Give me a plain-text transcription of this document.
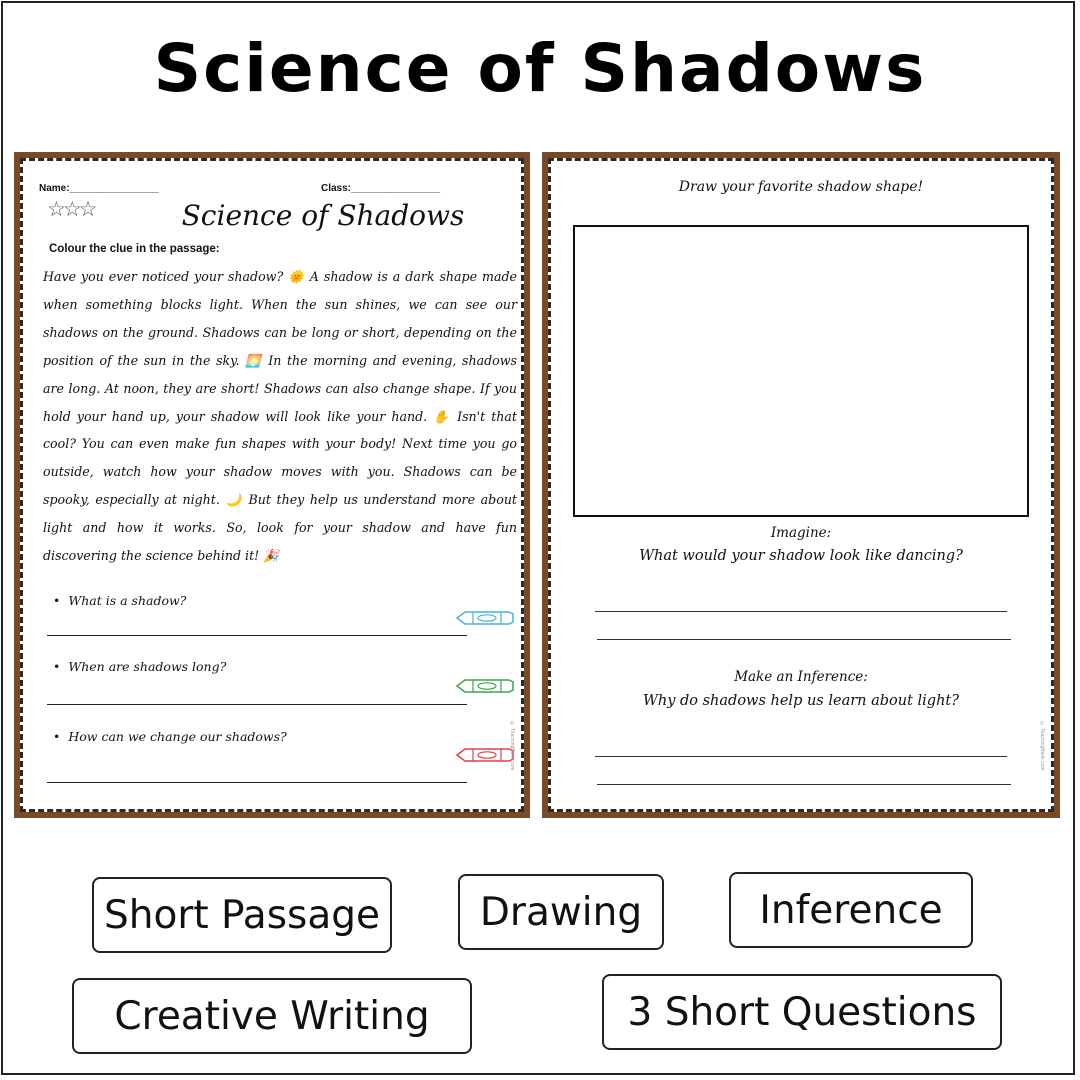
Science of Shadows
Name:________________	Class:________________
☆☆☆	Science of Shadows
Colour the clue in the passage:
Have you ever noticed your shadow? 🌞 A shadow is a dark shape made when something blocks light. When the sun shines, we can see our shadows on the ground. Shadows can be long or short, depending on the position of the sun in the sky. 🌅 In the morning and evening, shadows are long. At noon, they are short! Shadows can also change shape. If you hold your hand up, your shadow will look like your hand. ✋ Isn't that cool? You can even make fun shapes with your body! Next time you go outside, watch how your shadow moves with you. Shadows can be spooky, especially at night. 🌙 But they help us understand more about light and how it works. So, look for your shadow and have fun discovering the science behind it! 🎉
• What is a shadow?
• When are shadows long?
• How can we change our shadows?	© TeachingBank.com
Draw your favorite shadow shape!
Imagine:
What would your shadow look like dancing?
Make an Inference:
Why do shadows help us learn about light?
© TeachingBank.com
Short Passage	Drawing	Inference
Creative Writing	3 Short Questions
